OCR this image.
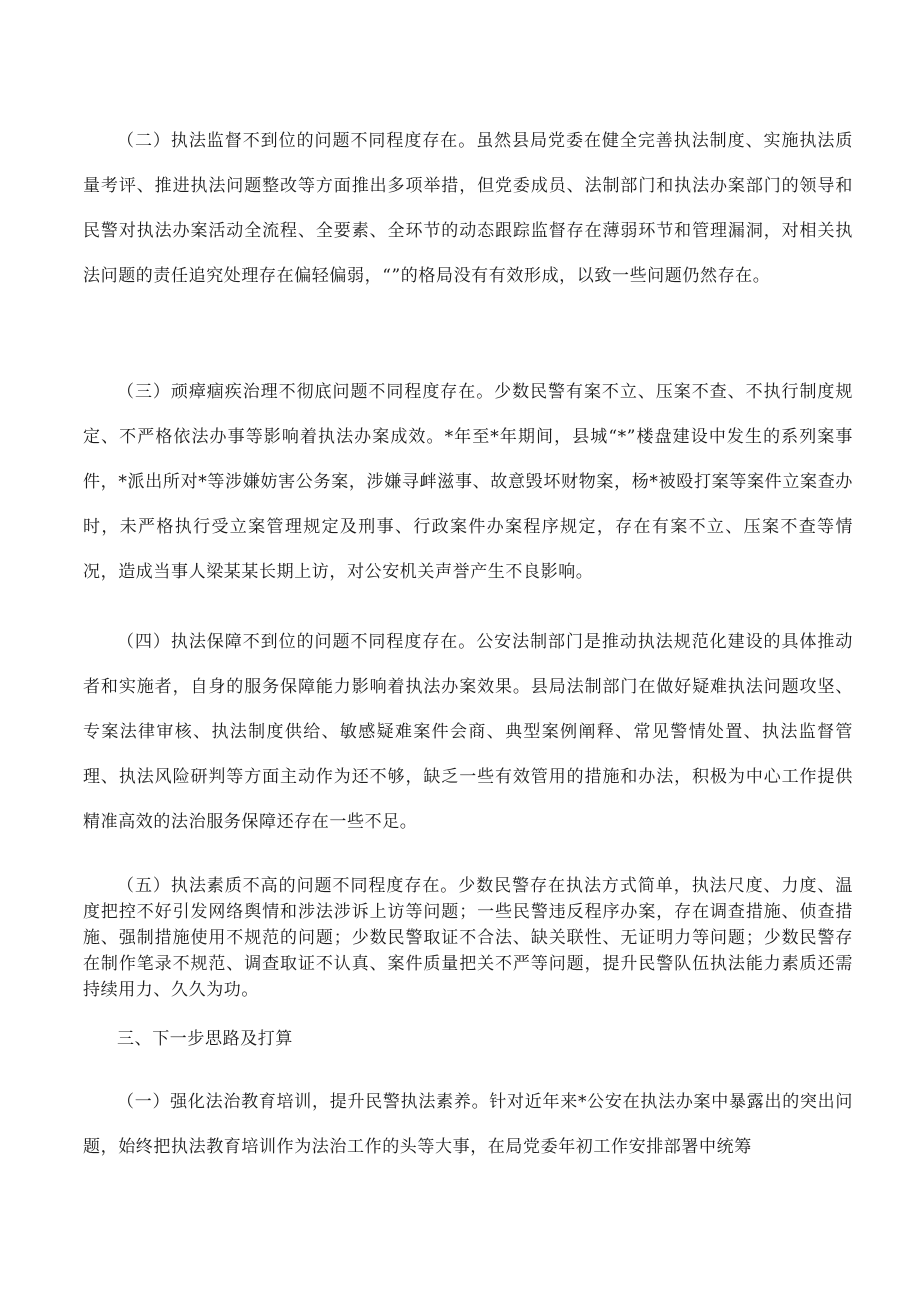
（二）执法监督不到位的问题不同程度存在。虽然县局党委在健全完善执法制度、实施执法质量考评、推进执法问题整改等方面推出多项举措，但党委成员、法制部门和执法办案部门的领导和民警对执法办案活动全流程、全要素、全环节的动态跟踪监督存在薄弱环节和管理漏洞，对相关执法问题的责任追究处理存在偏轻偏弱，“”的格局没有有效形成，以致一些问题仍然存在。

（三）顽瘴痼疾治理不彻底问题不同程度存在。少数民警有案不立、压案不查、不执行制度规定、不严格依法办事等影响着执法办案成效。*年至*年期间，县城“*”楼盘建设中发生的系列案事件，*派出所对*等涉嫌妨害公务案，涉嫌寻衅滋事、故意毁坏财物案，杨*被殴打案等案件立案查办时，未严格执行受立案管理规定及刑事、行政案件办案程序规定，存在有案不立、压案不查等情况，造成当事人梁某某长期上访，对公安机关声誉产生不良影响。

（四）执法保障不到位的问题不同程度存在。公安法制部门是推动执法规范化建设的具体推动者和实施者，自身的服务保障能力影响着执法办案效果。县局法制部门在做好疑难执法问题攻坚、专案法律审核、执法制度供给、敏感疑难案件会商、典型案例阐释、常见警情处置、执法监督管理、执法风险研判等方面主动作为还不够，缺乏一些有效管用的措施和办法，积极为中心工作提供精准高效的法治服务保障还存在一些不足。

（五）执法素质不高的问题不同程度存在。少数民警存在执法方式简单，执法尺度、力度、温度把控不好引发网络舆情和涉法涉诉上访等问题；一些民警违反程序办案，存在调查措施、侦查措施、强制措施使用不规范的问题；少数民警取证不合法、缺关联性、无证明力等问题；少数民警存在制作笔录不规范、调查取证不认真、案件质量把关不严等问题，提升民警队伍执法能力素质还需持续用力、久久为功。

三、下一步思路及打算

（一）强化法治教育培训，提升民警执法素养。针对近年来*公安在执法办案中暴露出的突出问题，始终把执法教育培训作为法治工作的头等大事，在局党委年初工作安排部署中统筹
